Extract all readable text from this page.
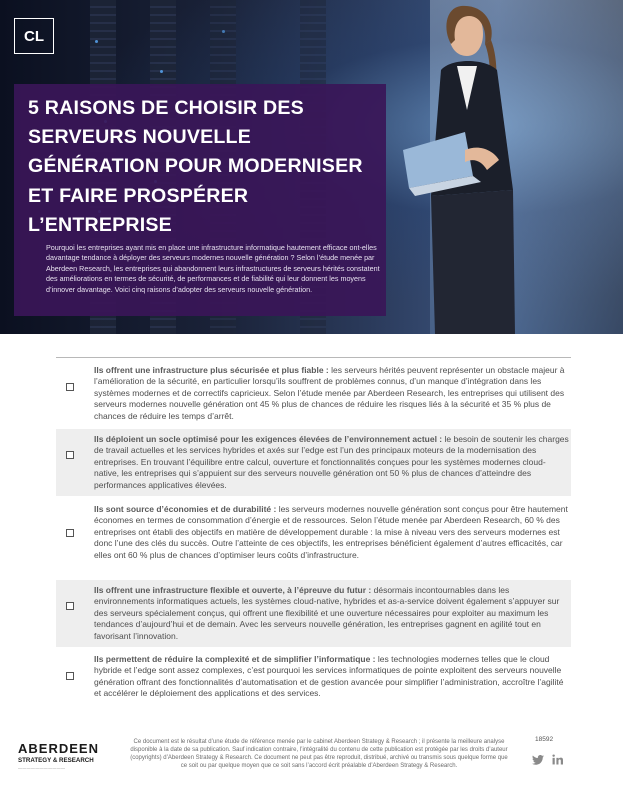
CL
5 RAISONS DE CHOISIR DES SERVEURS NOUVELLE GÉNÉRATION POUR MODERNISER ET FAIRE PROSPÉRER L’ENTREPRISE

Pourquoi les entreprises ayant mis en place une infrastructure informatique hautement efficace ont-elles davantage tendance à déployer des serveurs modernes nouvelle génération ? Selon l’étude menée par Aberdeen Research, les entreprises qui abandonnent leurs infrastructures de serveurs hérités constatent des améliorations en termes de sécurité, de performances et de fiabilité qui leur donnent les moyens d’innover davantage. Voici cinq raisons d’adopter des serveurs nouvelle génération.

Ils offrent une infrastructure plus sécurisée et plus fiable : les serveurs hérités peuvent représenter un obstacle majeur à l’amélioration de la sécurité, en particulier lorsqu’ils souffrent de problèmes connus, d’un manque d’intégration dans les systèmes modernes et de correctifs capricieux. Selon l’étude menée par Aberdeen Research, les entreprises qui utilisent des serveurs modernes nouvelle génération ont 45 % plus de chances de réduire les risques liés à la sécurité et 35 % plus de chances de réduire les temps d’arrêt.
Ils déploient un socle optimisé pour les exigences élevées de l’environnement actuel : le besoin de soutenir les charges de travail actuelles et les services hybrides et axés sur l’edge est l’un des principaux moteurs de la modernisation des entreprises. En trouvant l’équilibre entre calcul, ouverture et fonctionnalités conçues pour les systèmes modernes cloud-native, les entreprises qui s’appuient sur des serveurs nouvelle génération ont 50 % plus de chances d’atteindre des performances applicatives élevées.
Ils sont source d’économies et de durabilité : les serveurs modernes nouvelle génération sont conçus pour être hautement économes en termes de consommation d’énergie et de ressources. Selon l’étude menée par Aberdeen Research, 60 % des entreprises ont établi des objectifs en matière de développement durable : la mise à niveau vers des serveurs modernes est donc l’une des clés du succès. Outre l’atteinte de ces objectifs, les entreprises bénéficient également d’autres efficacités, car elles ont 60 % plus de chances d’optimiser leurs coûts d’infrastructure.
Ils offrent une infrastructure flexible et ouverte, à l’épreuve du futur : désormais incontournables dans les environnements informatiques actuels, les systèmes cloud-native, hybrides et as-a-service doivent également s’appuyer sur des serveurs spécialement conçus, qui offrent une flexibilité et une ouverture nécessaires pour exploiter au maximum les tendances d’aujourd’hui et de demain. Avec les serveurs nouvelle génération, les entreprises gagnent en agilité tout en favorisant l’innovation.
Ils permettent de réduire la complexité et de simplifier l’informatique : les technologies modernes telles que le cloud hybride et l’edge sont assez complexes, c’est pourquoi les services informatiques de pointe exploitent des serveurs nouvelle génération offrant des fonctionnalités d’automatisation et de gestion avancée pour simplifier l’administration, accroître l’agilité et accélérer le déploiement des applications et des services.
ABERDEEN
STRATEGY & RESEARCH
———————————

Ce document est le résultat d’une étude de référence menée par le cabinet Aberdeen Strategy & Research ; il présente la meilleure analyse disponible à la date de sa publication. Sauf indication contraire, l’intégralité du contenu de cette publication est protégée par les droits d’auteur (copyrights) d’Aberdeen Strategy & Research. Ce document ne peut pas être reproduit, distribué, archivé ou transmis sous quelque forme que ce soit ou par quelque moyen que ce soit sans l’accord écrit préalable d’Aberdeen Strategy & Research.

18592
